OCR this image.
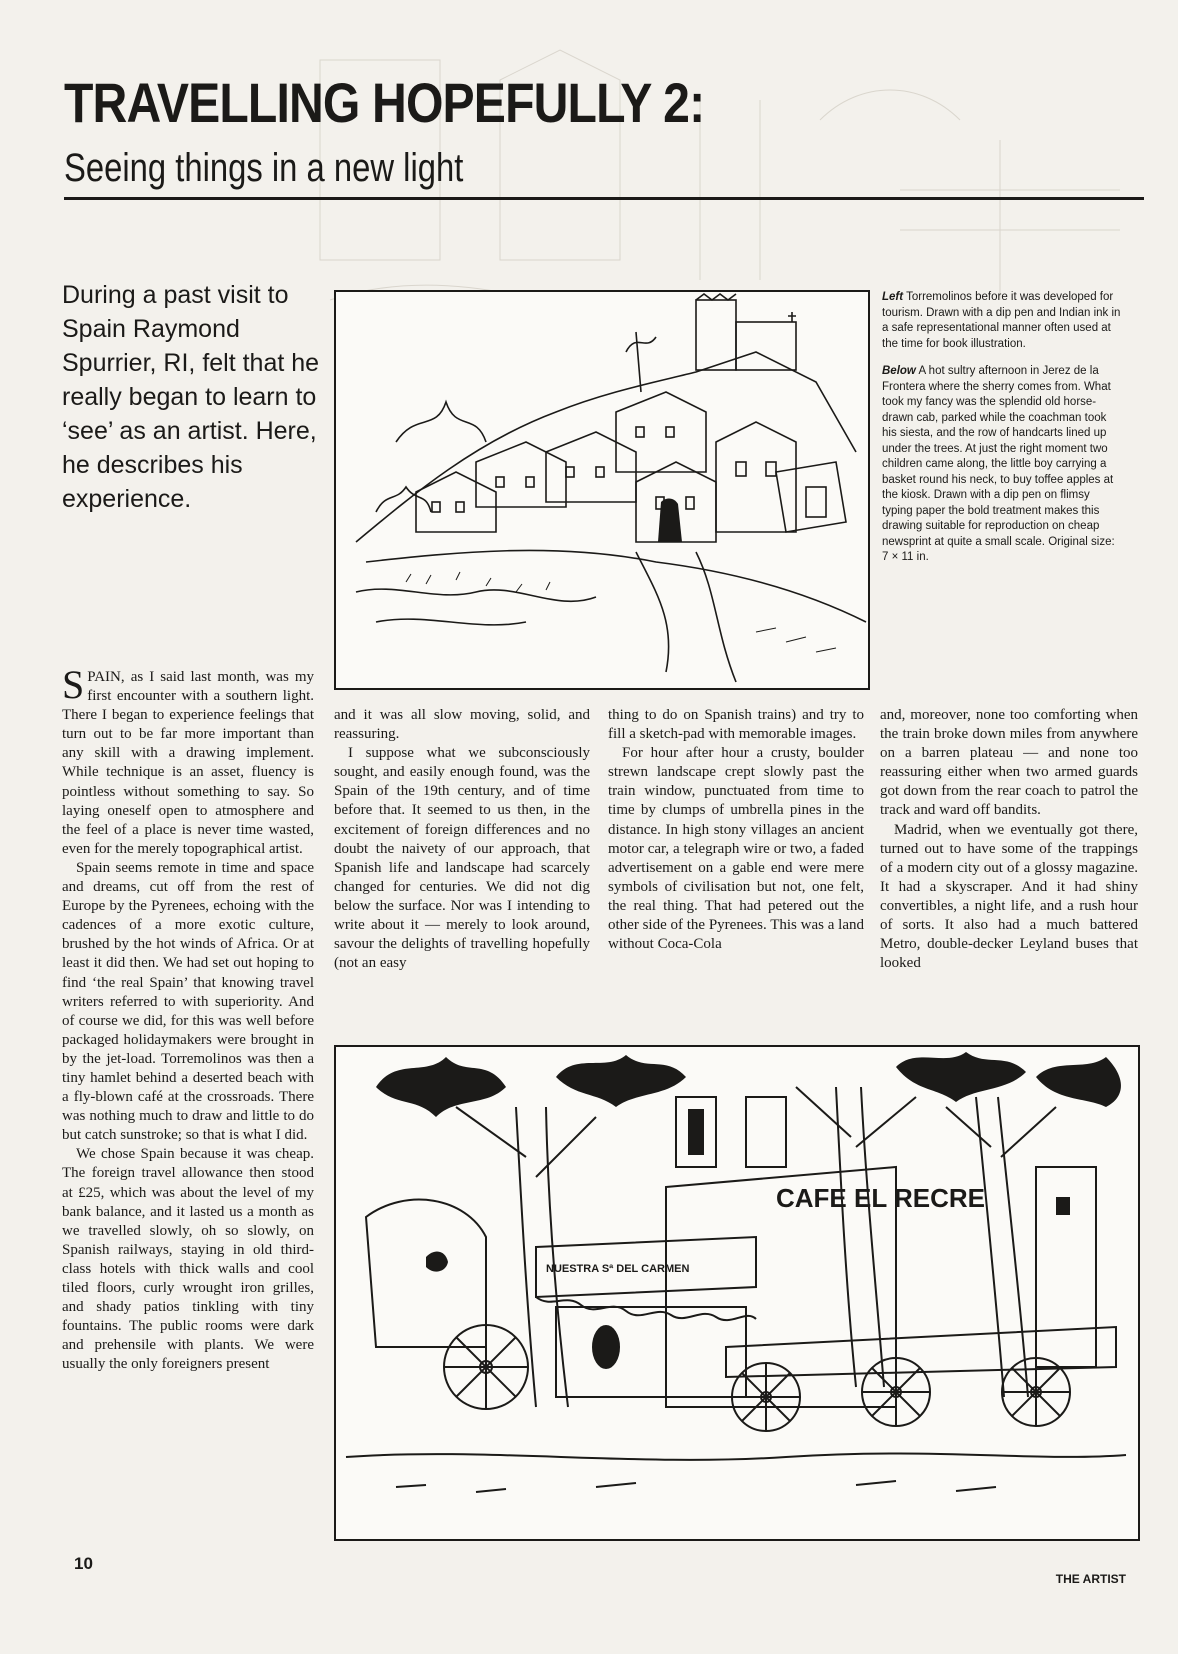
TRAVELLING HOPEFULLY 2:
Seeing things in a new light

During a past visit to Spain Raymond Spurrier, RI, felt that he really began to learn to ‘see’ as an artist. Here, he describes his experience.

Left Torremolinos before it was developed for tourism. Drawn with a dip pen and Indian ink in a safe representational manner often used at the time for book illustration.

Below A hot sultry afternoon in Jerez de la Frontera where the sherry comes from. What took my fancy was the splendid old horse-drawn cab, parked while the coachman took his siesta, and the row of handcarts lined up under the trees. At just the right moment two children came along, the little boy carrying a basket round his neck, to buy toffee apples at the kiosk. Drawn with a dip pen on flimsy typing paper the bold treatment makes this drawing suitable for reproduction on cheap newsprint at quite a small scale. Original size: 7 × 11 in.

SPAIN, as I said last month, was my first encounter with a southern light. There I began to experience feelings that turn out to be far more important than any skill with a drawing implement. While technique is an asset, fluency is pointless without something to say. So laying oneself open to atmosphere and the feel of a place is never time wasted, even for the merely topographical artist.

Spain seems remote in time and space and dreams, cut off from the rest of Europe by the Pyrenees, echoing with the cadences of a more exotic culture, brushed by the hot winds of Africa. Or at least it did then. We had set out hoping to find ‘the real Spain’ that knowing travel writers referred to with superiority. And of course we did, for this was well before packaged holidaymakers were brought in by the jet-load. Torremolinos was then a tiny hamlet behind a deserted beach with a fly-blown café at the crossroads. There was nothing much to draw and little to do but catch sunstroke; so that is what I did.

We chose Spain because it was cheap. The foreign travel allowance then stood at £25, which was about the level of my bank balance, and it lasted us a month as we travelled slowly, oh so slowly, on Spanish railways, staying in old third-class hotels with thick walls and cool tiled floors, curly wrought iron grilles, and shady patios tinkling with tiny fountains. The public rooms were dark and prehensile with plants. We were usually the only foreigners present

and it was all slow moving, solid, and reassuring.

I suppose what we subconsciously sought, and easily enough found, was the Spain of the 19th century, and of time before that. It seemed to us then, in the excitement of foreign differences and no doubt the naivety of our approach, that Spanish life and landscape had scarcely changed for centuries. We did not dig below the surface. Nor was I intending to write about it — merely to look around, savour the delights of travelling hopefully (not an easy

thing to do on Spanish trains) and try to fill a sketch-pad with memorable images.

For hour after hour a crusty, boulder strewn landscape crept slowly past the train window, punctuated from time to time by clumps of umbrella pines in the distance. In high stony villages an ancient motor car, a telegraph wire or two, a faded advertisement on a gable end were mere symbols of civilisation but not, one felt, the real thing. That had petered out the other side of the Pyrenees. This was a land without Coca-Cola

and, moreover, none too comforting when the train broke down miles from anywhere on a barren plateau — and none too reassuring either when two armed guards got down from the rear coach to patrol the track and ward off bandits.

Madrid, when we eventually got there, turned out to have some of the trappings of a modern city out of a glossy magazine. It had a skyscraper. And it had shiny convertibles, a night life, and a rush hour of sorts. It also had a much battered Metro, double-decker Leyland buses that looked

CAFE EL RECRE
NUESTRA Sª DEL CARMEN
10
THE ARTIST
